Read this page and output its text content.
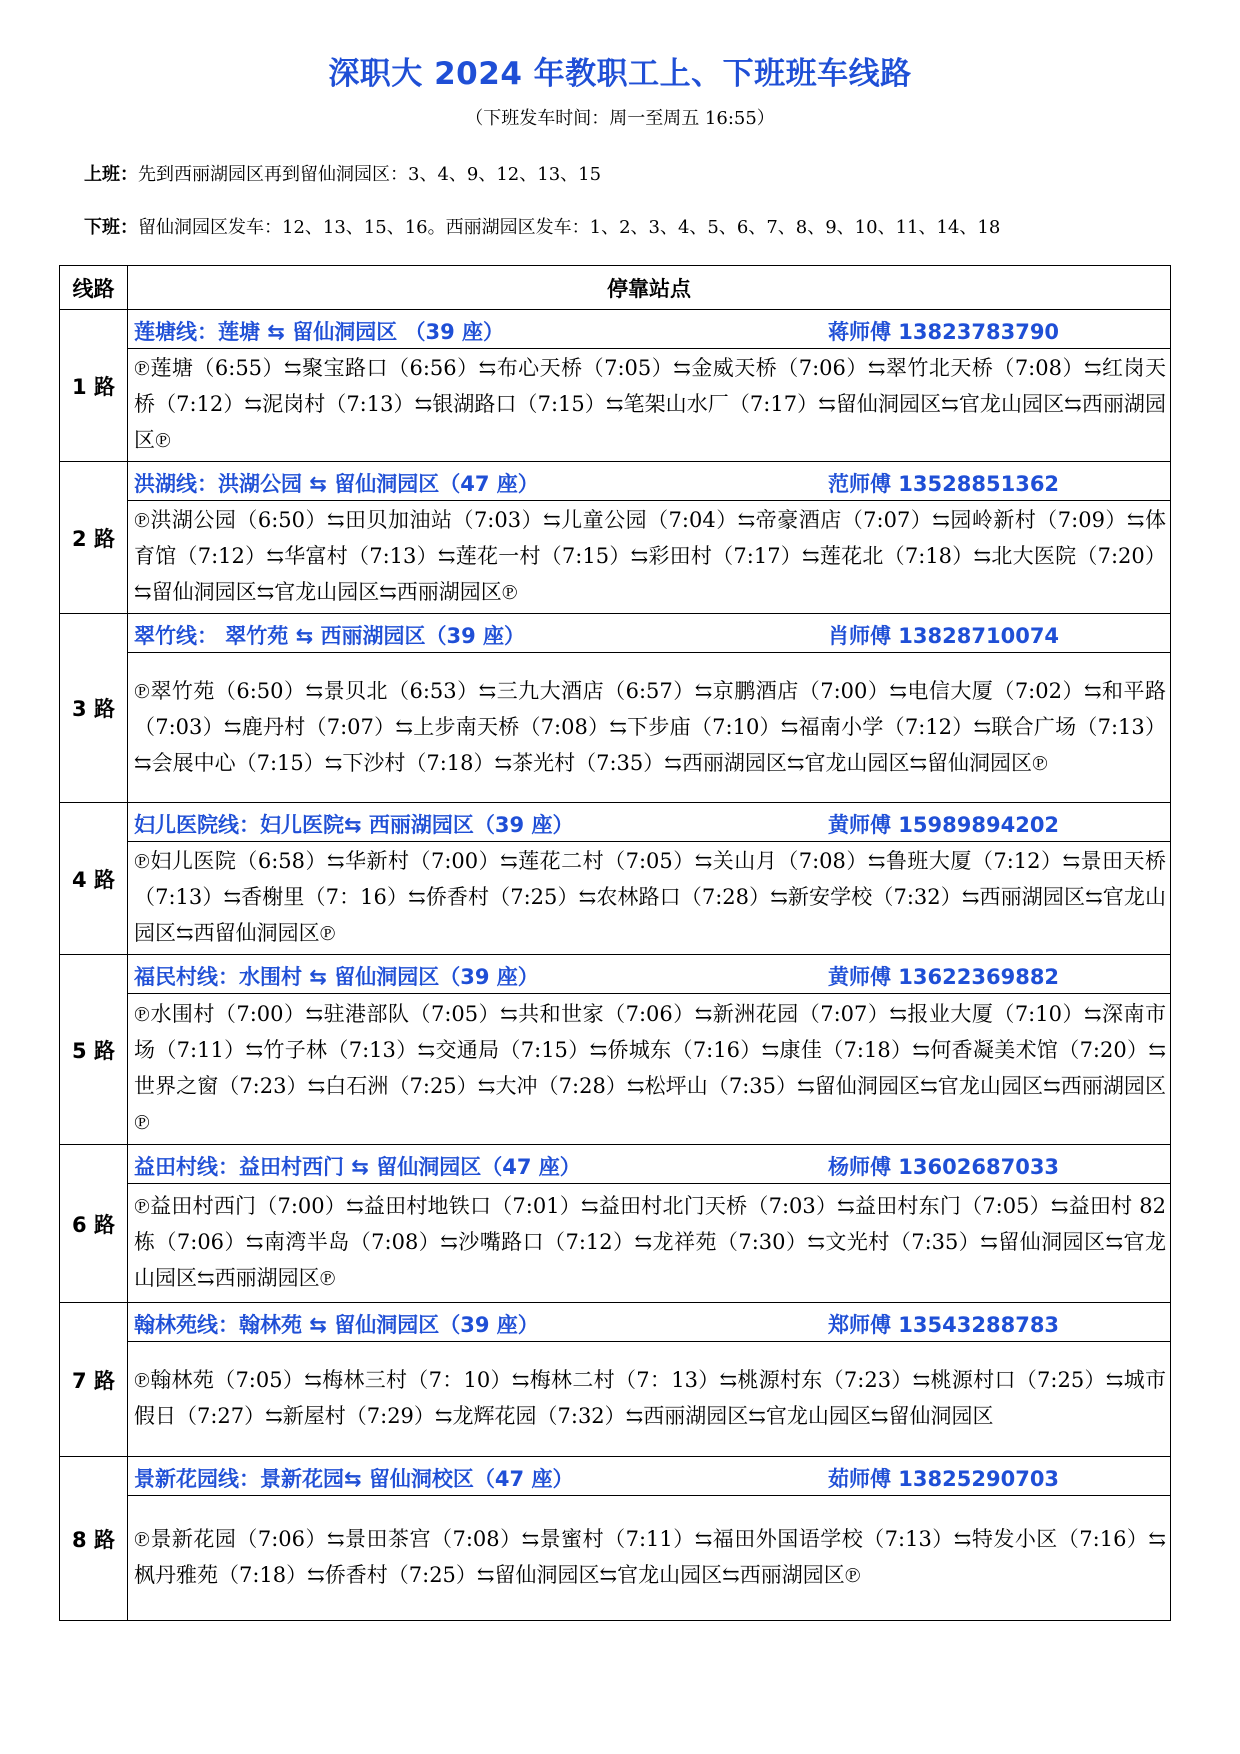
深职大 2024 年教职工上、下班班车线路
（下班发车时间：周一至周五 16:55）
上班：先到西丽湖园区再到留仙洞园区：3、4、9、12、13、15
下班：留仙洞园区发车：12、13、15、16。西丽湖园区发车：1、2、3、4、5、6、7、8、9、10、11、14、18
线路	停靠站点
1 路	莲塘线：莲塘 ⇆ 留仙洞园区 （39 座） 蒋师傅 13823783790

	℗莲塘（6:55）⇆聚宝路口（6:56）⇆布心天桥（7:05）⇆金威天桥（7:06）⇆翠竹北天桥（7:08）⇆红岗天桥（7:12）⇆泥岗村（7:13）⇆银湖路口（7:15）⇆笔架山水厂（7:17）⇆留仙洞园区⇆官龙山园区⇆西丽湖园区℗
2 路	洪湖线：洪湖公园 ⇆ 留仙洞园区（47 座） 范师傅 13528851362

	℗洪湖公园（6:50）⇆田贝加油站（7:03）⇆儿童公园（7:04）⇆帝豪酒店（7:07）⇆园岭新村（7:09）⇆体育馆（7:12）⇆华富村（7:13）⇆莲花一村（7:15）⇆彩田村（7:17）⇆莲花北（7:18）⇆北大医院（7:20）⇆留仙洞园区⇆官龙山园区⇆西丽湖园区℗
3 路	翠竹线： 翠竹苑 ⇆ 西丽湖园区（39 座） 肖师傅 13828710074

	℗翠竹苑（6:50）⇆景贝北（6:53）⇆三九大酒店（6:57）⇆京鹏酒店（7:00）⇆电信大厦（7:02）⇆和平路（7:03）⇆鹿丹村（7:07）⇆上步南天桥（7:08）⇆下步庙（7:10）⇆福南小学（7:12）⇆联合广场（7:13）⇆会展中心（7:15）⇆下沙村（7:18）⇆茶光村（7:35）⇆西丽湖园区⇆官龙山园区⇆留仙洞园区℗
4 路	妇儿医院线：妇儿医院⇆ 西丽湖园区（39 座） 黄师傅 15989894202

	℗妇儿医院（6:58）⇆华新村（7:00）⇆莲花二村（7:05）⇆关山月（7:08）⇆鲁班大厦（7:12）⇆景田天桥（7:13）⇆香榭里（7：16）⇆侨香村（7:25）⇆农林路口（7:28）⇆新安学校（7:32）⇆西丽湖园区⇆官龙山园区⇆西留仙洞园区℗
5 路	福民村线：水围村 ⇆ 留仙洞园区（39 座） 黄师傅 13622369882

	℗水围村（7:00）⇆驻港部队（7:05）⇆共和世家（7:06）⇆新洲花园（7:07）⇆报业大厦（7:10）⇆深南市场（7:11）⇆竹子林（7:13）⇆交通局（7:15）⇆侨城东（7:16）⇆康佳（7:18）⇆何香凝美术馆（7:20）⇆世界之窗（7:23）⇆白石洲（7:25）⇆大冲（7:28）⇆松坪山（7:35）⇆留仙洞园区⇆官龙山园区⇆西丽湖园区℗
6 路	益田村线：益田村西门 ⇆ 留仙洞园区（47 座） 杨师傅 13602687033

	℗益田村西门（7:00）⇆益田村地铁口（7:01）⇆益田村北门天桥（7:03）⇆益田村东门（7:05）⇆益田村 82 栋（7:06）⇆南湾半岛（7:08）⇆沙嘴路口（7:12）⇆龙祥苑（7:30）⇆文光村（7:35）⇆留仙洞园区⇆官龙山园区⇆西丽湖园区℗
7 路	翰林苑线：翰林苑 ⇆ 留仙洞园区（39 座） 郑师傅 13543288783

	℗翰林苑（7:05）⇆梅林三村（7：10）⇆梅林二村（7：13）⇆桃源村东（7:23）⇆桃源村口（7:25）⇆城市假日（7:27）⇆新屋村（7:29）⇆龙辉花园（7:32）⇆西丽湖园区⇆官龙山园区⇆留仙洞园区
8 路	景新花园线：景新花园⇆ 留仙洞校区（47 座） 茹师傅 13825290703

	℗景新花园（7:06）⇆景田茶宫（7:08）⇆景蜜村（7:11）⇆福田外国语学校（7:13）⇆特发小区（7:16）⇆枫丹雅苑（7:18）⇆侨香村（7:25）⇆留仙洞园区⇆官龙山园区⇆西丽湖园区℗
